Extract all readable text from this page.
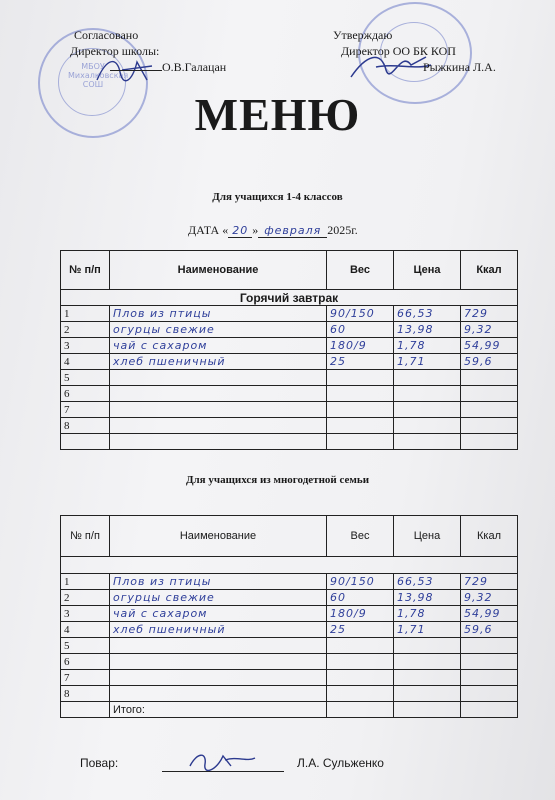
МБОУ
Михалковская
СОШ
Согласовано
Директор школы:
О.В.Галацан
Утверждаю
Директор ОО БК КОП
Рыжкина Л.А.
МЕНЮ
Для учащихся 1-4 классов
ДАТА « 20 » февраля 2025г.
№ п/п	Наименование	Вес	Цена	Ккал
Горячий завтрак				
1	Плов из птицы	90/150	66,53	729
2	огурцы свежие	60	13,98	9,32
3	чай с сахаром	180/9	1,78	54,99
4	хлеб пшеничный	25	1,71	59,6
5				
6				
7				
8				

Для учащихся из многодетной семьи
№ п/п	Наименование	Вес	Цена	Ккал

1	Плов из птицы	90/150	66,53	729
2	огурцы свежие	60	13,98	9,32
3	чай с сахаром	180/9	1,78	54,99
4	хлеб пшеничный	25	1,71	59,6
5				
6				
7				
8				
	Итого:			
Повар:	Л.А. Сульженко
